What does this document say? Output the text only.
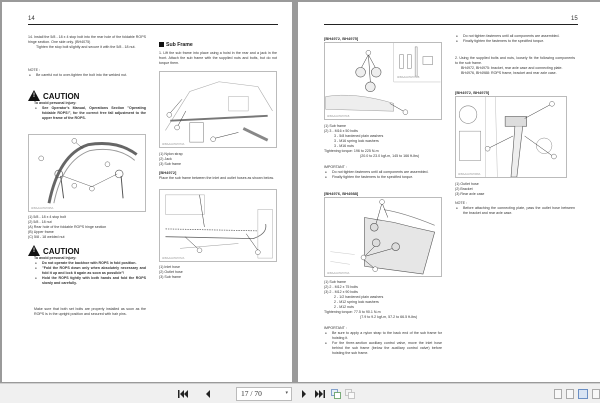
14
14. Install the 5/8 - 18 x 4 stop bolt into the rear hole of the foldable ROPS hinge section. One side only. (BH4075)
Tighten the stop bolt slightly and secure it with the 5/8 - 18 nut.
NOTE :
● Be careful not to over-tighten the bolt into the welded nut.
!
CAUTION
To avoid personal injury:
● See Operator's Manual, Operations Section "Operating foldable ROPS!", for the correct free fall adjustment to the upper frame of the ROPS.
4FBAAAAT1P035A
(1) 5/8 - 18 x 4 stop bolt
(2) 5/8 - 18 nut
(A) Rear hole of the foldable ROPS hinge section
(B) Upper frame
(C) 5/8 - 18 welded nut
!
CAUTION
To avoid personal injury:
● Do not operate the backhoe with ROPS in fold position.
● "Fold the ROPS down only when absolutely necessary and fold it up and lock it again as soon as possible"!
● Hold the ROPS tightly with both hands and fold the ROPS slowly and carefully.
Make sure that both set bolts are properly installed as soon as the ROPS is in the upright position and secured with hair pins.
Sub Frame
1. Lift the sub frame into place using a hoist in the rear and a jack in the front. Attach the sub frame with the supplied nuts and bolts, but do not torque them.
4FBAAAAT1P073A
(1) Nylon strap
(2) Jack
(3) Sub frame
[BH4972]
Place the sub frame between the inlet and outlet hoses as shown below.
4FBAAAAT1P072A
(1) Inlet hose
(2) Outlet hose
(3) Sub frame
15
[BH4972, BH4975]
4FBAAAAT1P071B
4FBAAAAT1P072B
(1) Sub frame
(2) 3 - M16 x 50 bolts
3 - 5/8 hardened plain washers
3 - M16 spring lock washers
3 - M16 nuts
Tightening torque: 196 to 225 N-m
(20.0 to 23.0 kgf-m, 145 to 166 ft-lbs)
IMPORTANT :
● Do not tighten fasteners until all components are assembled.
● Finally tighten the fasteners to the specified torque.
[BH4976, BH4988]
4FBAAAAT1P070A
(1) Sub frame
(2) 2 - M12 x 75 bolts
(3) 2 - M12 x 90 bolts
2 - 1/2 hardened plain washers
2 - M12 spring lock washers
2 - M12 nuts
Tightening torque: 77.5 to 90.1 N-m
(7.9 to 9.2 kgf-m, 57.2 to 66.5 ft-lbs)
IMPORTANT :
● Be sure to apply a nylon strap to the back end of the sub frame for hoisting it.
● For the three-section auxiliary control valve, move the inlet hose behind the sub frame (below the auxiliary control valve) before hoisting the sub frame.
● Do not tighten fasteners until all components are assembled.
● Finally tighten the fasteners to the specified torque.
2. Using the supplied bolts and nuts, loosely fix the following components to the sub frame.
BH4972, BH4975: bracket, rear axle case and connecting plate.
BH4976, BH4988: ROPS frame, bracket and rear axle case.
[BH4972, BH4975]
4FBAAAAT1P068A
(1) Outlet hose
(2) Bracket
(3) Rear axle case
NOTE :
● Before attaching the connecting plate, pass the outlet hose between the bracket and rear axle case.
17 / 70	▾
